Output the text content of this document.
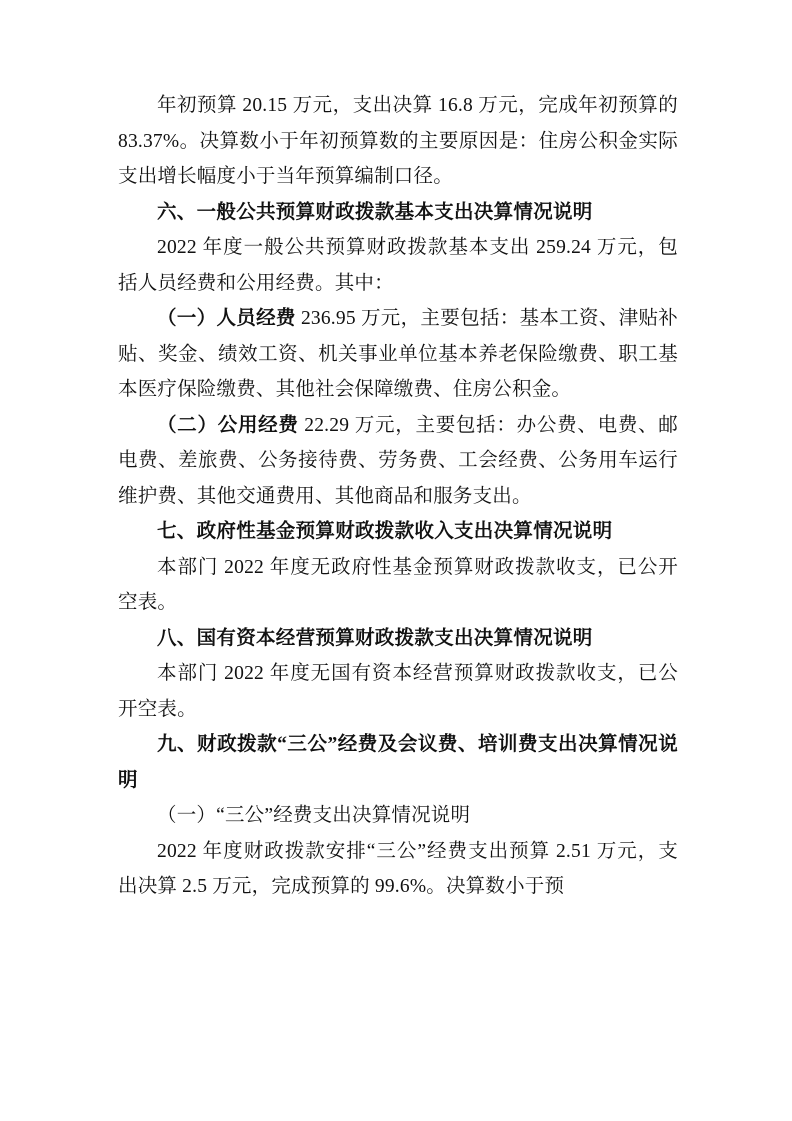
年初预算 20.15 万元，支出决算 16.8 万元，完成年初预算的 83.37%。决算数小于年初预算数的主要原因是：住房公积金实际支出增长幅度小于当年预算编制口径。

六、一般公共预算财政拨款基本支出决算情况说明

2022 年度一般公共预算财政拨款基本支出 259.24 万元，包括人员经费和公用经费。其中：

（一）人员经费 236.95 万元，主要包括：基本工资、津贴补贴、奖金、绩效工资、机关事业单位基本养老保险缴费、职工基本医疗保险缴费、其他社会保障缴费、住房公积金。

（二）公用经费 22.29 万元，主要包括：办公费、电费、邮电费、差旅费、公务接待费、劳务费、工会经费、公务用车运行维护费、其他交通费用、其他商品和服务支出。

七、政府性基金预算财政拨款收入支出决算情况说明

本部门 2022 年度无政府性基金预算财政拨款收支，已公开空表。

八、国有资本经营预算财政拨款支出决算情况说明

本部门 2022 年度无国有资本经营预算财政拨款收支，已公开空表。

九、财政拨款“三公”经费及会议费、培训费支出决算情况说明

（一）“三公”经费支出决算情况说明

2022 年度财政拨款安排“三公”经费支出预算 2.51 万元，支出决算 2.5 万元，完成预算的 99.6%。决算数小于预
